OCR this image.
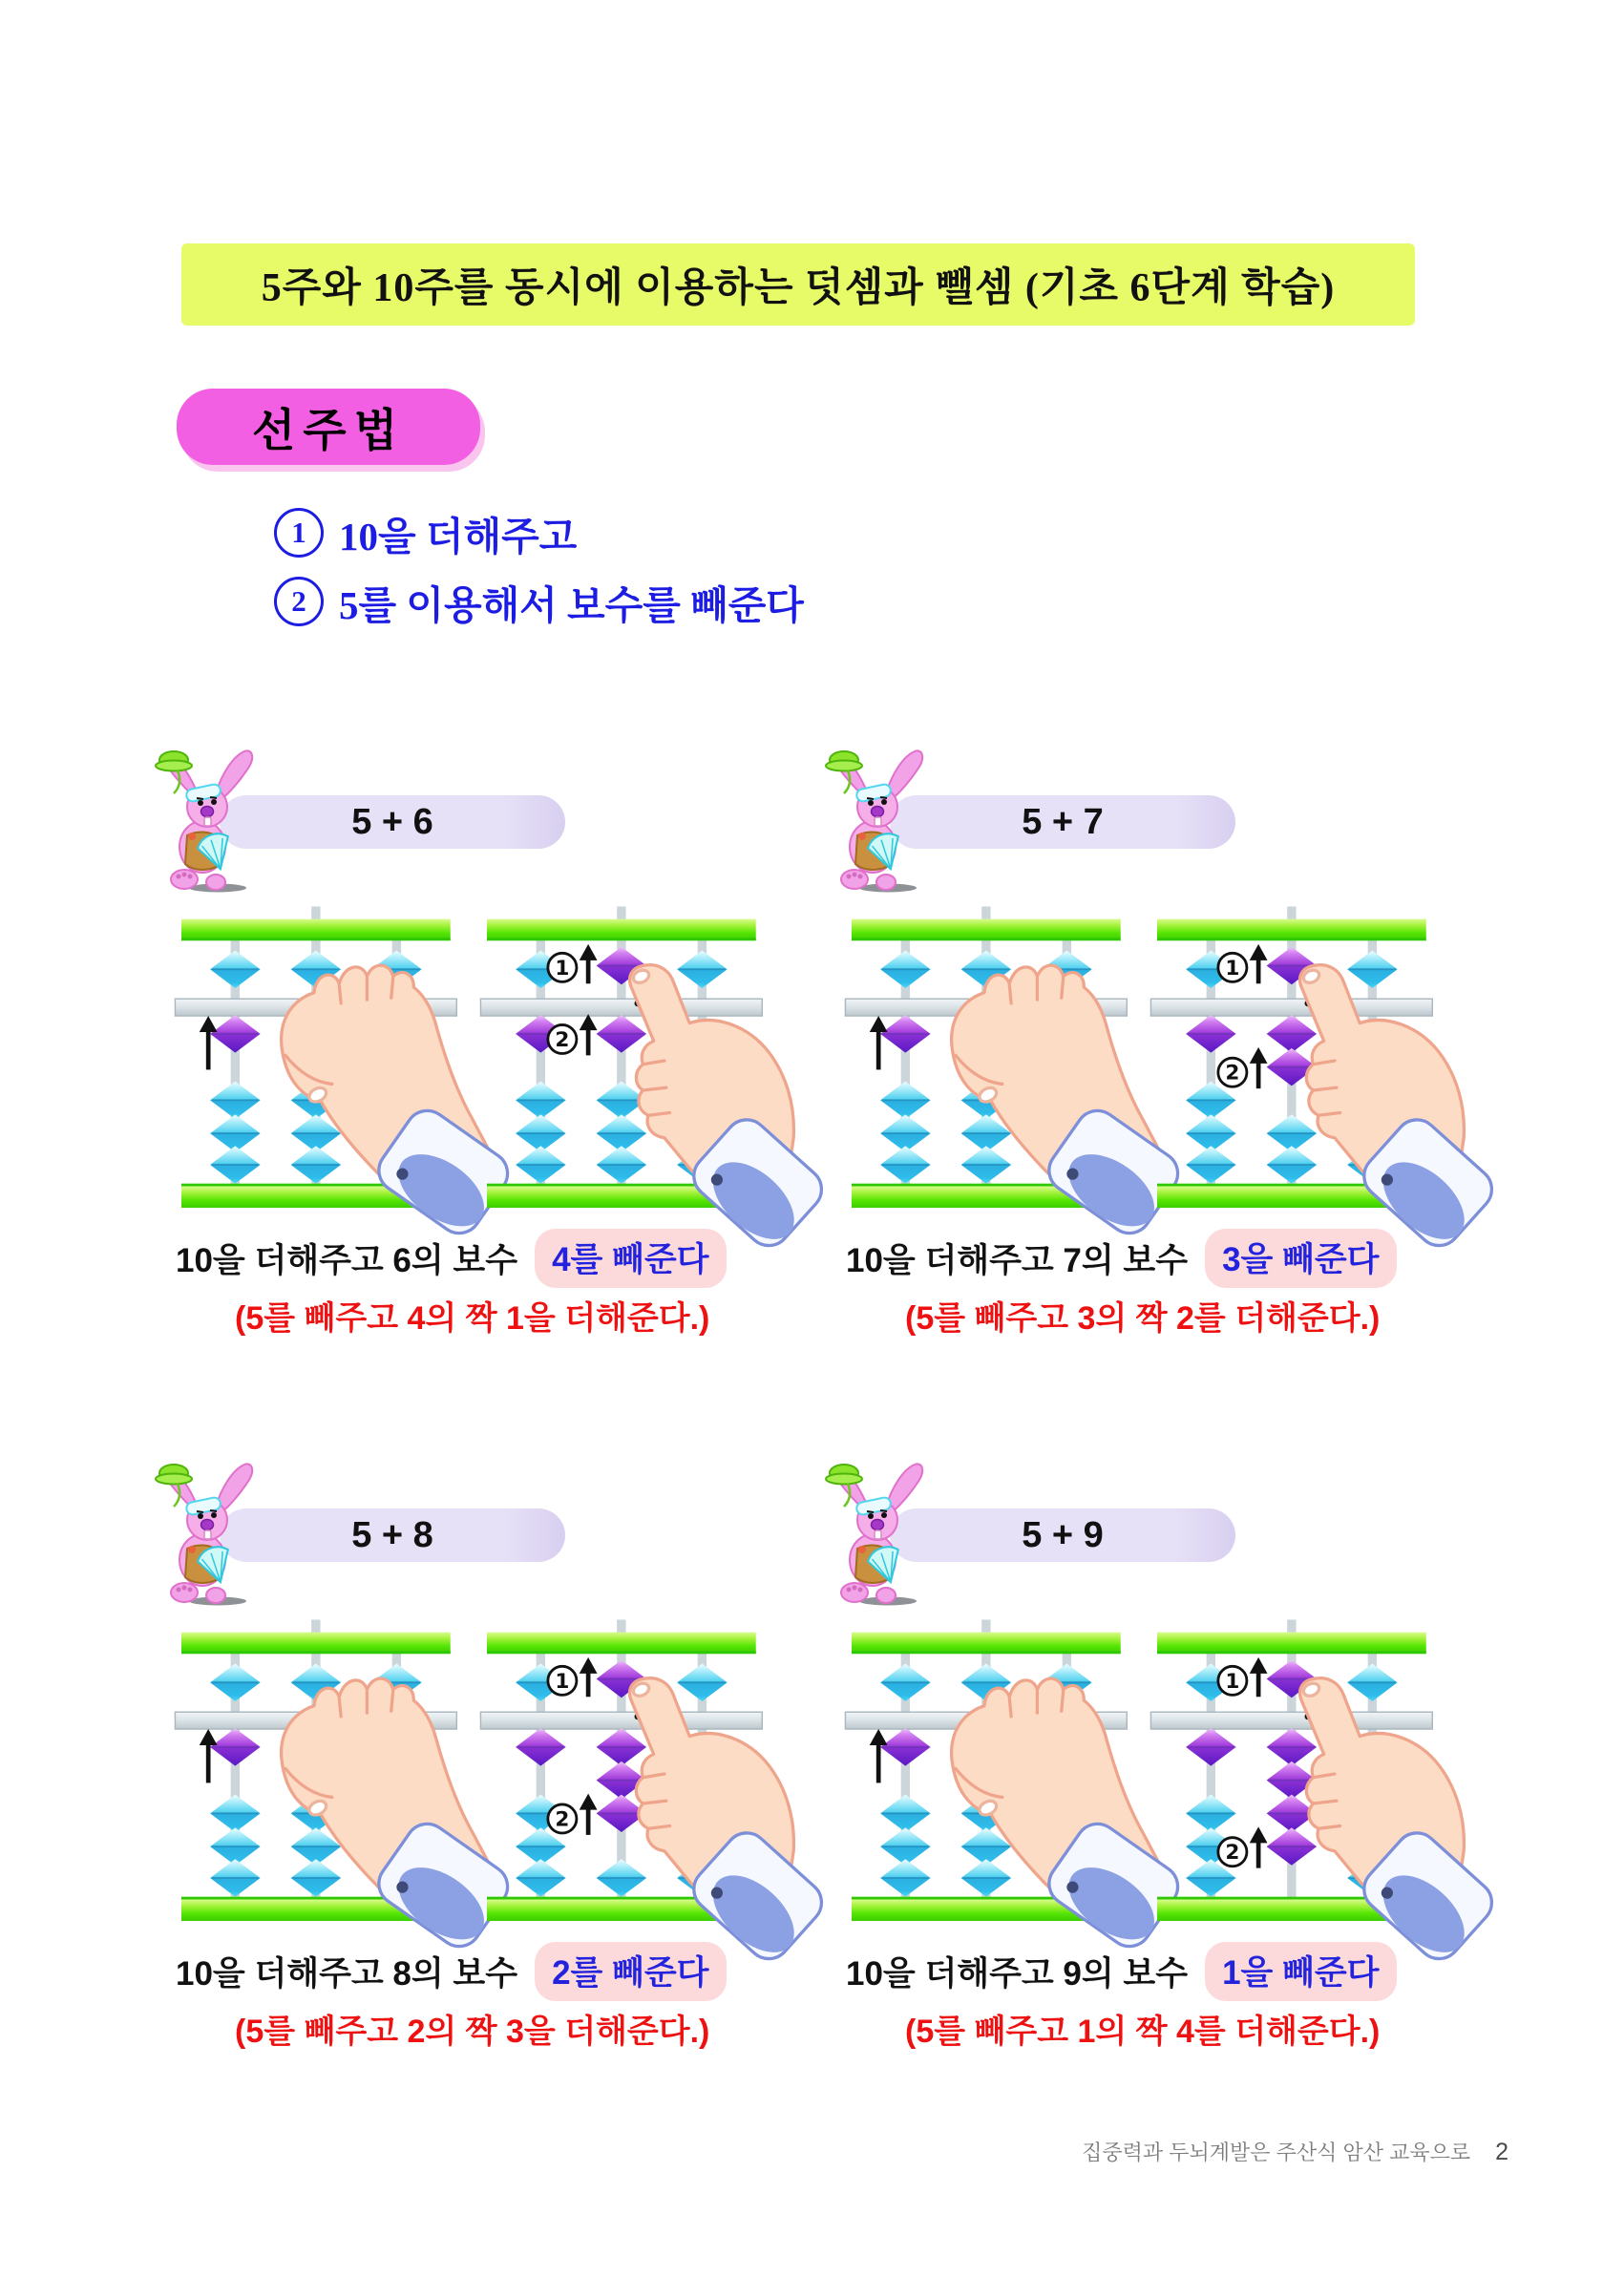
5주와 10주를 동시에 이용하는 덧셈과 뺄셈 (기초 6단계 학습)
선주법
1 10을 더해주고
2 5를 이용해서 보수를 빼준다
5 + 6
1
2
10을 더해주고 6의 보수	4를 빼준다
(5를 빼주고 4의 짝 1을 더해준다.)
5 + 7
1
2
10을 더해주고 7의 보수	3을 빼준다
(5를 빼주고 3의 짝 2를 더해준다.)
5 + 8
1
2
10을 더해주고 8의 보수	2를 빼준다
(5를 빼주고 2의 짝 3을 더해준다.)
5 + 9
1
2
10을 더해주고 9의 보수	1을 빼준다
(5를 빼주고 1의 짝 4를 더해준다.)
집중력과 두뇌계발은 주산식 암산 교육으로 2
